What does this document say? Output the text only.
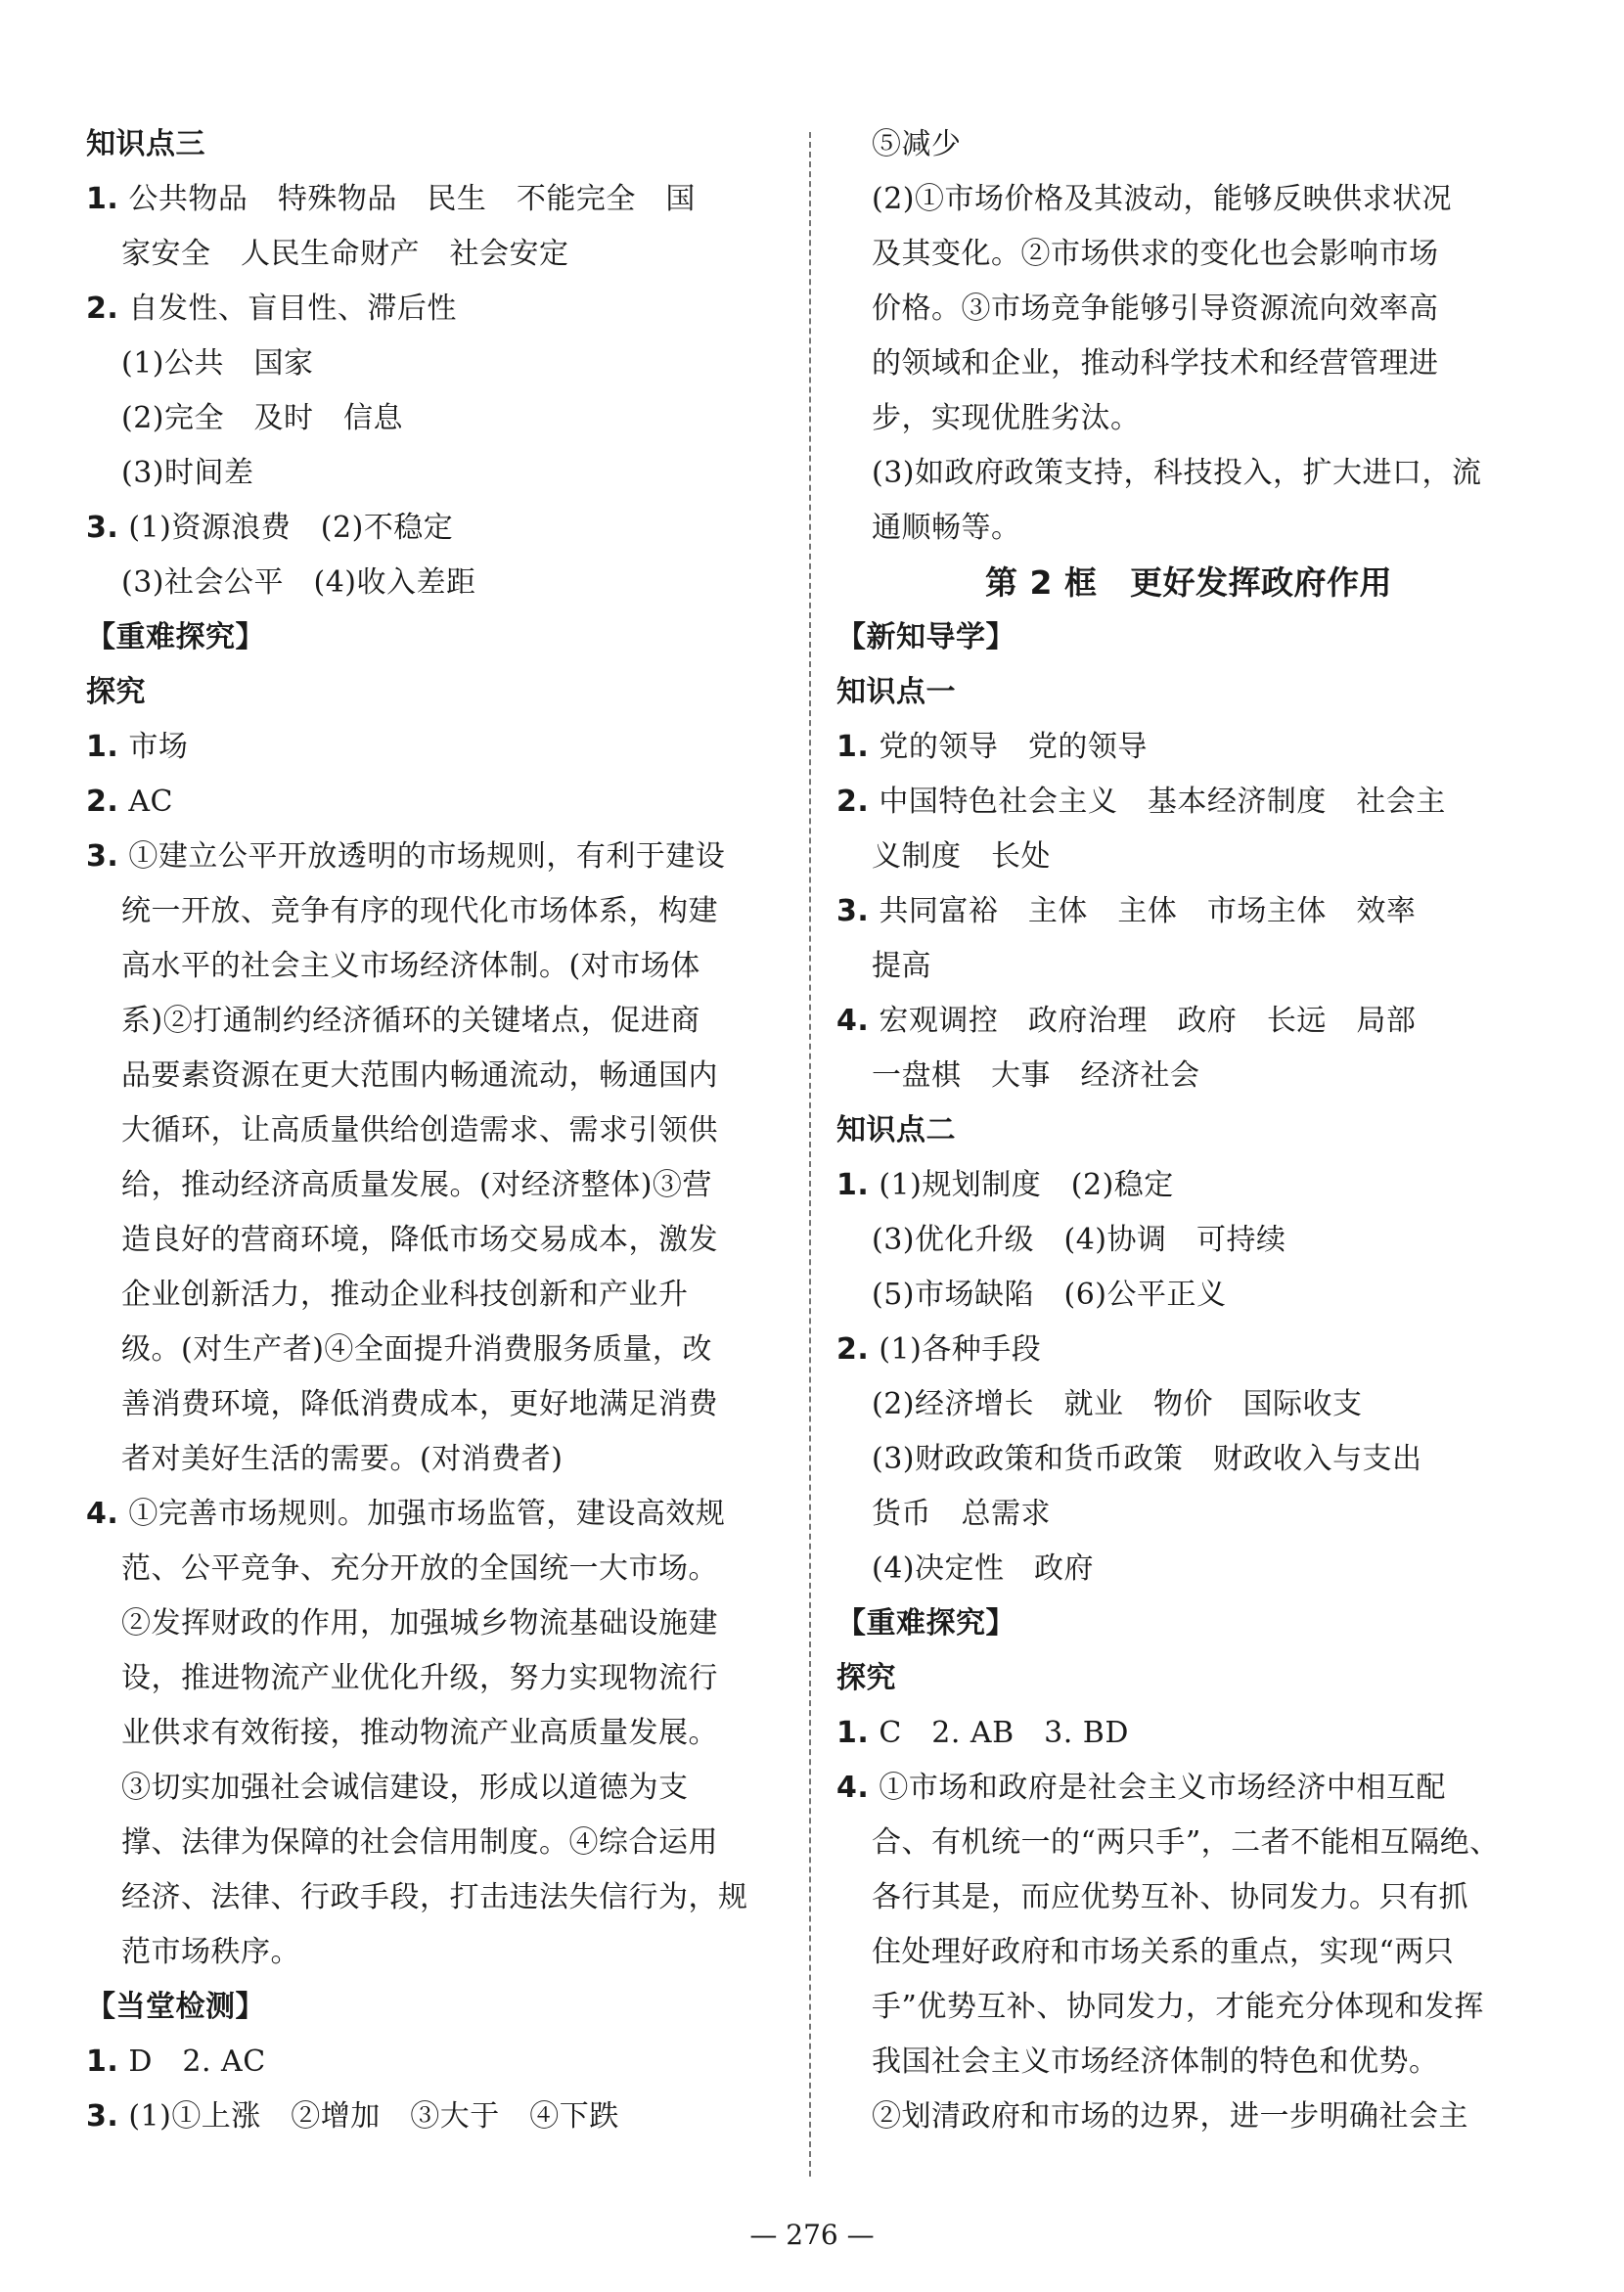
知识点三
1. 公共物品　特殊物品　民生　不能完全　国
家安全　人民生命财产　社会安定
2. 自发性、盲目性、滞后性
(1)公共　国家
(2)完全　及时　信息
(3)时间差
3. (1)资源浪费　(2)不稳定
(3)社会公平　(4)收入差距
【重难探究】
探究
1. 市场
2. AC
3. ①建立公平开放透明的市场规则，有利于建设
统一开放、竞争有序的现代化市场体系，构建
高水平的社会主义市场经济体制。(对市场体
系)②打通制约经济循环的关键堵点，促进商
品要素资源在更大范围内畅通流动，畅通国内
大循环，让高质量供给创造需求、需求引领供
给，推动经济高质量发展。(对经济整体)③营
造良好的营商环境，降低市场交易成本，激发
企业创新活力，推动企业科技创新和产业升
级。(对生产者)④全面提升消费服务质量，改
善消费环境，降低消费成本，更好地满足消费
者对美好生活的需要。(对消费者)
4. ①完善市场规则。加强市场监管，建设高效规
范、公平竞争、充分开放的全国统一大市场。
②发挥财政的作用，加强城乡物流基础设施建
设，推进物流产业优化升级，努力实现物流行
业供求有效衔接，推动物流产业高质量发展。
③切实加强社会诚信建设，形成以道德为支
撑、法律为保障的社会信用制度。④综合运用
经济、法律、行政手段，打击违法失信行为，规
范市场秩序。
【当堂检测】
1. D　2. AC
3. (1)①上涨　②增加　③大于　④下跌
⑤减少
(2)①市场价格及其波动，能够反映供求状况
及其变化。②市场供求的变化也会影响市场
价格。③市场竞争能够引导资源流向效率高
的领域和企业，推动科学技术和经营管理进
步，实现优胜劣汰。
(3)如政府政策支持，科技投入，扩大进口，流
通顺畅等。
第 2 框　更好发挥政府作用
【新知导学】
知识点一
1. 党的领导　党的领导
2. 中国特色社会主义　基本经济制度　社会主
义制度　长处
3. 共同富裕　主体　主体　市场主体　效率
提高
4. 宏观调控　政府治理　政府　长远　局部
一盘棋　大事　经济社会
知识点二
1. (1)规划制度　(2)稳定
(3)优化升级　(4)协调　可持续
(5)市场缺陷　(6)公平正义
2. (1)各种手段
(2)经济增长　就业　物价　国际收支
(3)财政政策和货币政策　财政收入与支出
货币　总需求
(4)决定性　政府
【重难探究】
探究
1. C　2. AB　3. BD
4. ①市场和政府是社会主义市场经济中相互配
合、有机统一的“两只手”，二者不能相互隔绝、
各行其是，而应优势互补、协同发力。只有抓
住处理好政府和市场关系的重点，实现“两只
手”优势互补、协同发力，才能充分体现和发挥
我国社会主义市场经济体制的特色和优势。
②划清政府和市场的边界，进一步明确社会主
— 276 —
